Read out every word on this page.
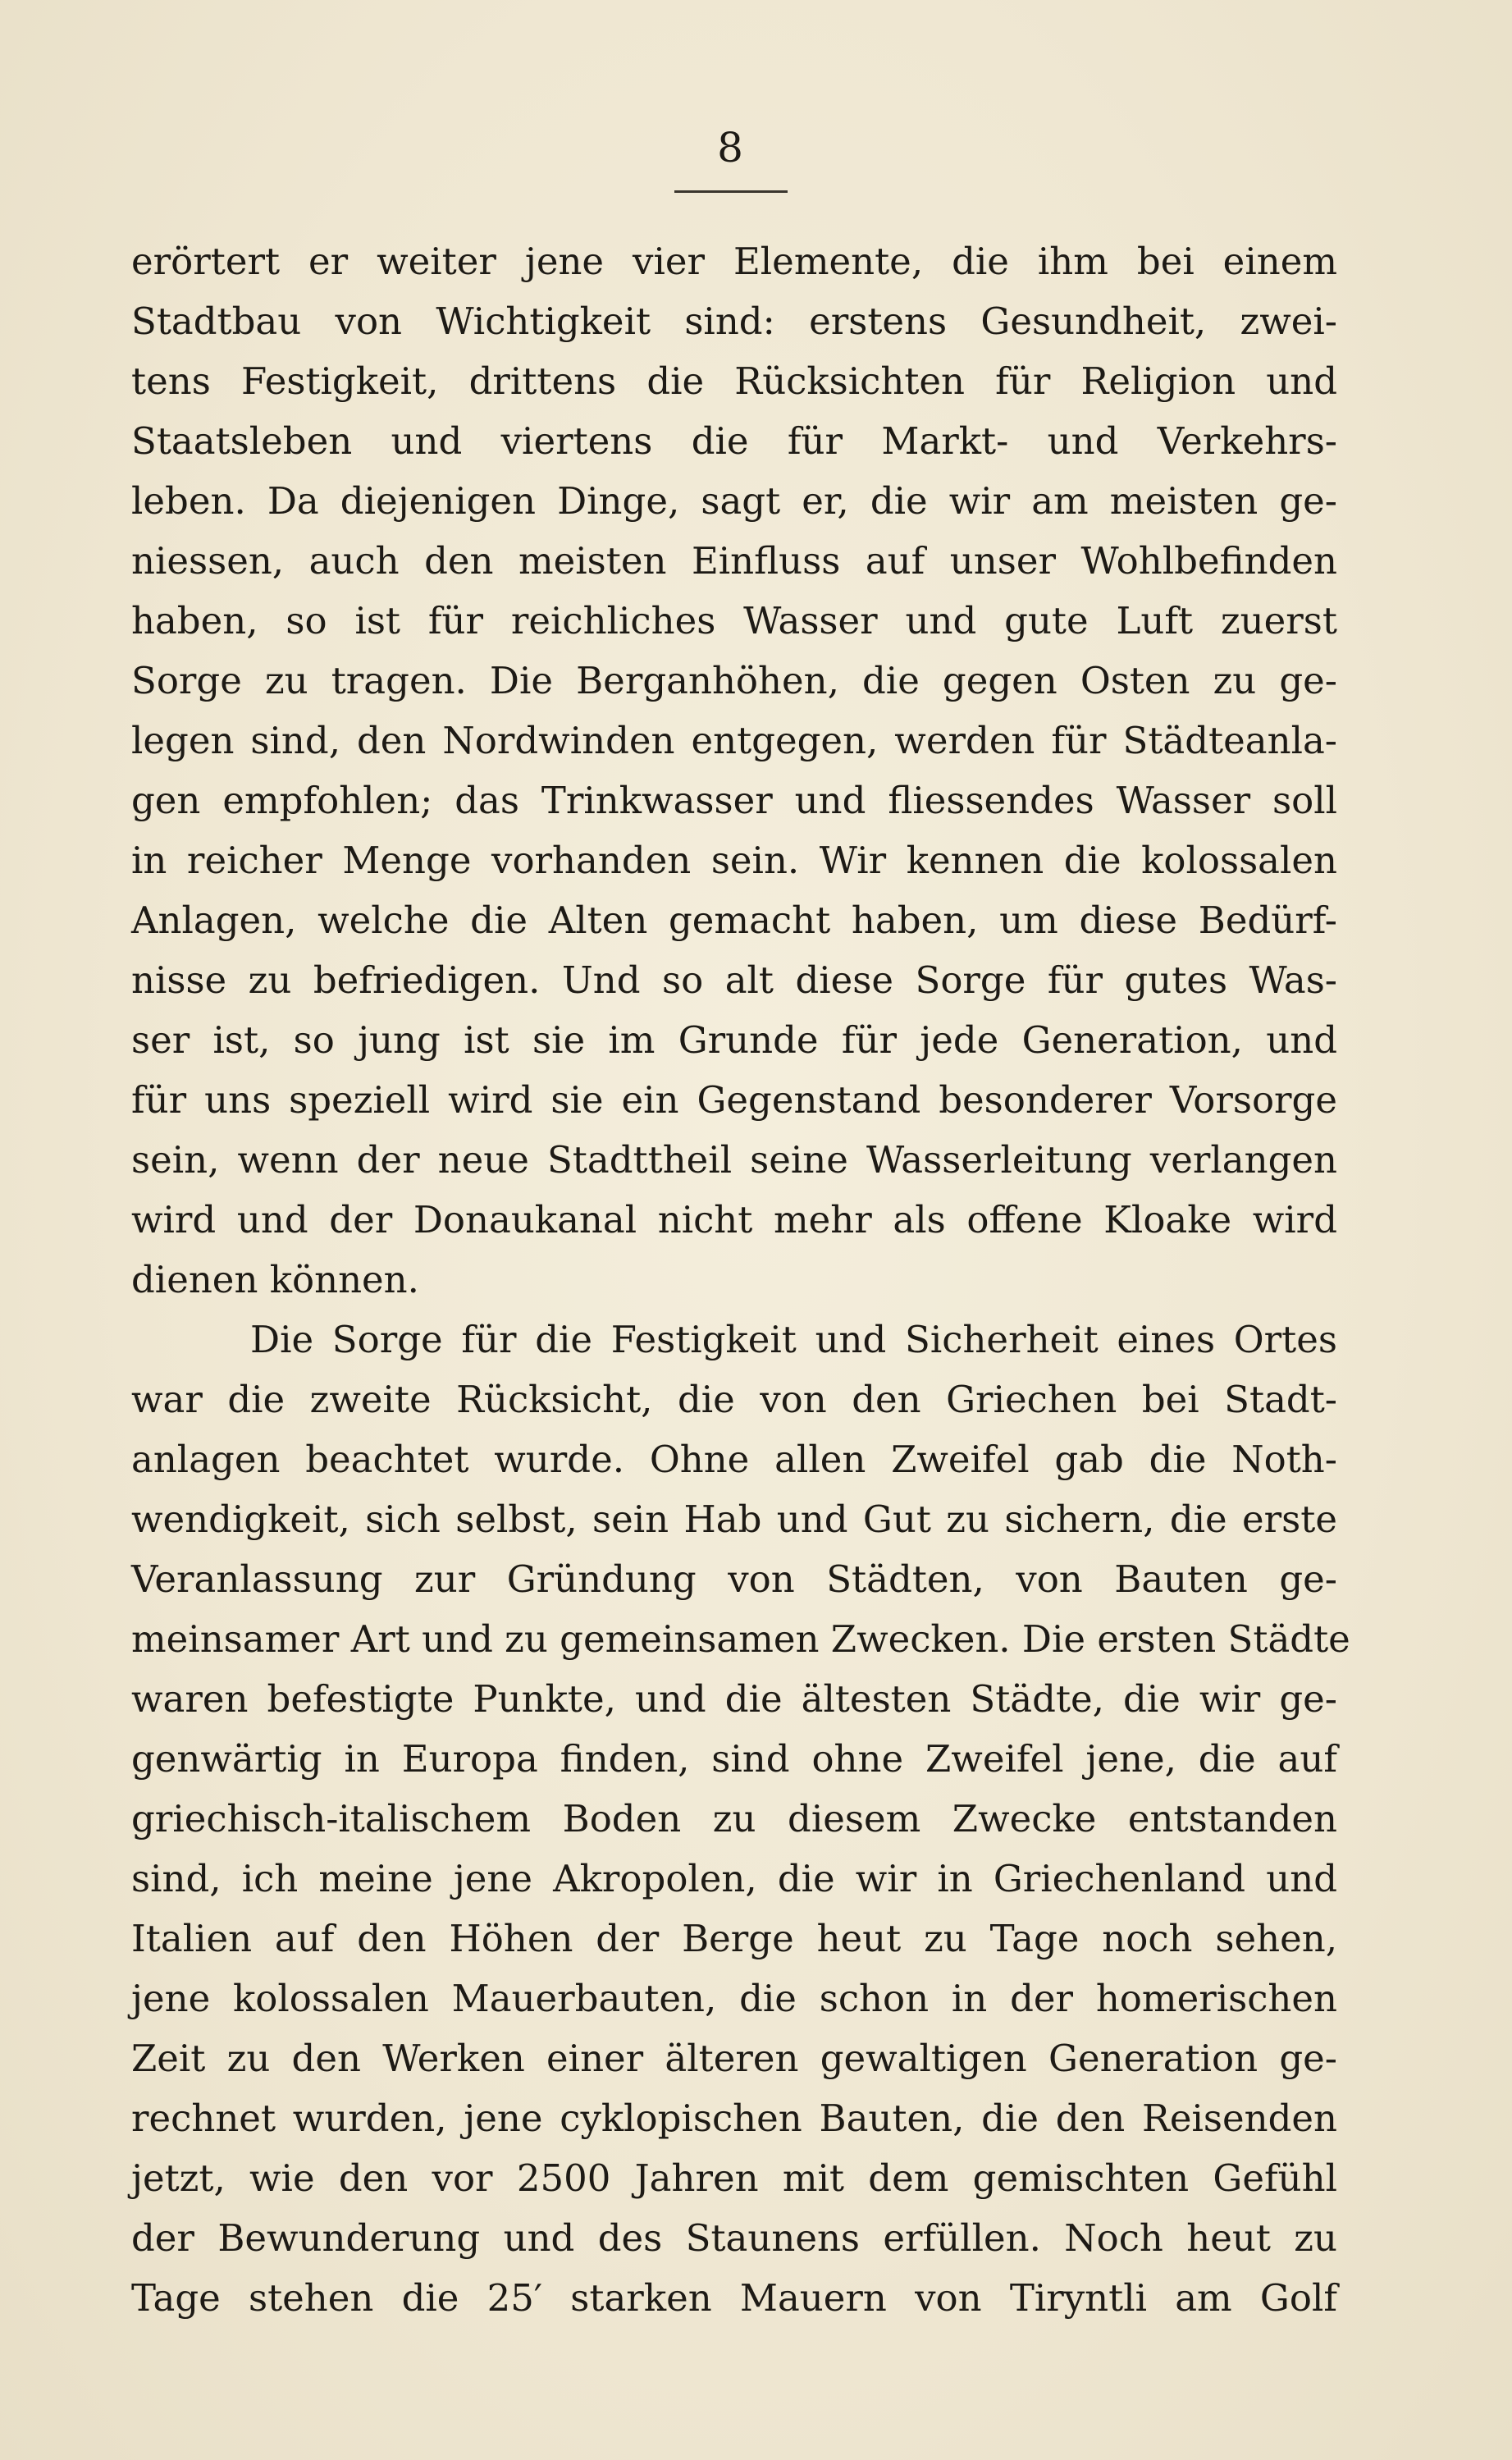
8
erörtert er weiter jene vier Elemente, die ihm bei einem
Stadtbau von Wichtigkeit sind: erstens Gesundheit, zwei-
tens Festigkeit, drittens die Rücksichten für Religion und
Staatsleben und viertens die für Markt- und Verkehrs-
leben. Da diejenigen Dinge, sagt er, die wir am meisten ge-
niessen, auch den meisten Einfluss auf unser Wohlbefinden
haben, so ist für reichliches Wasser und gute Luft zuerst
Sorge zu tragen. Die Berganhöhen, die gegen Osten zu ge-
legen sind, den Nordwinden entgegen, werden für Städteanla-
gen empfohlen; das Trinkwasser und fliessendes Wasser soll
in reicher Menge vorhanden sein. Wir kennen die kolossalen
Anlagen, welche die Alten gemacht haben, um diese Bedürf-
nisse zu befriedigen. Und so alt diese Sorge für gutes Was-
ser ist, so jung ist sie im Grunde für jede Generation, und
für uns speziell wird sie ein Gegenstand besonderer Vorsorge
sein, wenn der neue Stadttheil seine Wasserleitung verlangen
wird und der Donaukanal nicht mehr als offene Kloake wird
dienen können.
Die Sorge für die Festigkeit und Sicherheit eines Ortes
war die zweite Rücksicht, die von den Griechen bei Stadt-
anlagen beachtet wurde. Ohne allen Zweifel gab die Noth-
wendigkeit, sich selbst, sein Hab und Gut zu sichern, die erste
Veranlassung zur Gründung von Städten, von Bauten ge-
meinsamer Art und zu gemeinsamen Zwecken. Die ersten Städte
waren befestigte Punkte, und die ältesten Städte, die wir ge-
genwärtig in Europa finden, sind ohne Zweifel jene, die auf
griechisch-italischem Boden zu diesem Zwecke entstanden
sind, ich meine jene Akropolen, die wir in Griechenland und
Italien auf den Höhen der Berge heut zu Tage noch sehen,
jene kolossalen Mauerbauten, die schon in der homerischen
Zeit zu den Werken einer älteren gewaltigen Generation ge-
rechnet wurden, jene cyklopischen Bauten, die den Reisenden
jetzt, wie den vor 2500 Jahren mit dem gemischten Gefühl
der Bewunderung und des Staunens erfüllen. Noch heut zu
Tage stehen die 25′ starken Mauern von Tiryntli am Golf
